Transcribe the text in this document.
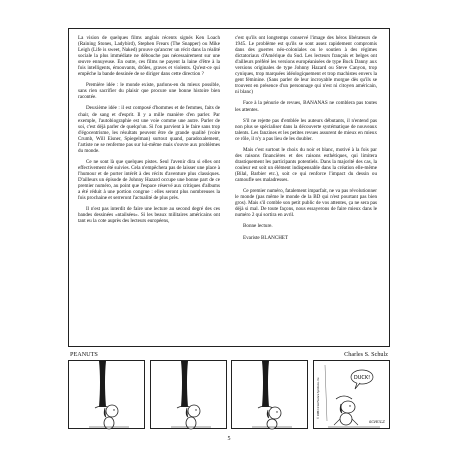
La vision de quelques films anglais récents signés Ken Loach (Raining Stones, Ladybird), Stephen Frears (The Snapper) ou Mike Leigh (Life is sweet, Naked) prouve qu'ancrer un récit dans la réalité sociale la plus immédiate ne débouche pas nécessairement sur une œuvre ennuyeuse. En outre, ces films ne payent la laine d'être à la fois intelligents, émouvants, drôles, graves et violents. Qu'est-ce qui empêche la bande dessinée de se diriger dans cette direction ?

Première idée : le monde existe, parlons-en du mieux possible, sans rien sacrifier du plaisir que procure une bonne histoire bien racontée.

Deuxième idée : il est composé d'hommes et de femmes, faits de chair, de sang et d'esprit. Il y a mille manière d'en parler. Par exemple, l'autobiographie est une voie comme une autre. Parler de soi, c'est déjà parler de quelqu'un. Si l'on parvient à le faire sans trop d'égocentrisme, les résultats peuvent être de grande qualité (voire Crumb, Will Eisner, Spiegelman) surtout quand, paradoxalement, l'artiste ne se renferme pas sur lui-même mais s'ouvre aux problèmes du monde.

Ce ne sont là que quelques pistes. Seul l'avenir dira si elles ont effectivement été suivies. Cela n'empêchera pas de laisser une place à l'humour et de porter intérêt à des récits d'aventure plus classiques. D'ailleurs un épisode de Johnny Hazard occupe une bonne part de ce premier numéro, au point que l'espace réservé aux critiques d'albums a été réduit à une portion congrue : elles seront plus nombreuses la fois prochaine et serreront l'actualité de plus près.

Il n'est pas interdit de faire une lecture au second degré des ces bandes dessinées «ntailsées». Si les beaux militaires américains ont tant eu la cote auprès des lecteurs européens,

c'est qu'ils ont longtemps conservé l'image des héros libérateurs de 1945. Le problème est qu'ils se sont assez rapidement compromis dans des guerres néo-coloniales ou le soutien à des régimes dictatoriaux d'Amérique du Sud. Les lecteurs français et belges ont d'ailleurs préféré les versions européanisées de type Buck Danny aux versions originales de type Johnny Hazard ou Steve Canyon, trop cyniques, trop marquées idéologiquement et trop machistes envers la gent féminine. (Sans parler de leur incroyable morgue dès qu'ils se trouvent en présence d'un personnage qui n'est ni citoyen américain, ni blanc)

Face à la pénurie de revues, BANANAS ne comblera pas toutes les attentes.

S'il ne rejette pas d'emblée les auteurs débutants, il n'entend pas non plus se spécialiser dans la découverte systématique de nouveaux talents. Les fanzines et les petites revues assurent de mieux en mieux ce rôle, il n'y a pas lieu de les doubler.

Mais c'est surtout le choix du noir et blanc, motivé à la fois par des raisons financières et des raisons esthétiques, qui limitera drastiquement les participants potentiels. Dans la majorité des cas, la couleur est soit un élément indispensable dans la création elle-même (Bilal, Barbier etc.), soit ce qui renforce l'impact du dessin ou camoufle ses maladresses.

Ce premier numéro, fatalement imparfait, ne va pas révolutionner le monde (pas même le monde de la BD qui n'est pourtant pas bien gros). Mais s'il comble son petit public de vos attentes, ça ne sera pas déjà si mal. De toute façons, nous essayerons de faire mieux dans le numéro 2 qui sortira en avril.

Bonne lecture.

Evariste BLANCHET

PEANUTS	Charles S. Schulz
DUCK!
© 1988 United Feature Syndicate, Inc.
SCHULZ
5
